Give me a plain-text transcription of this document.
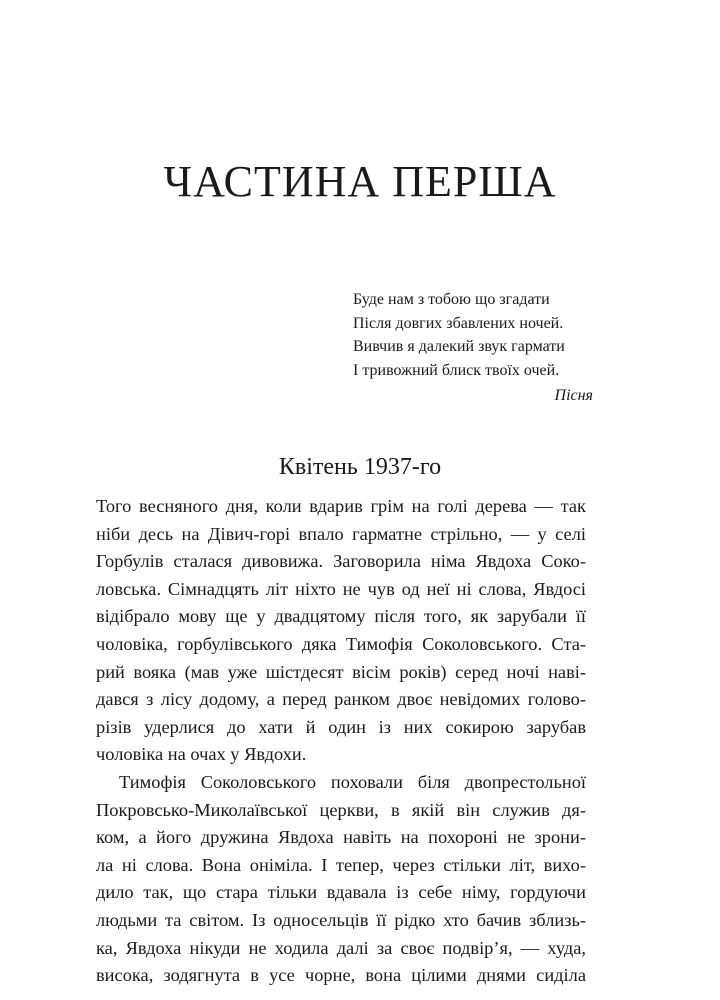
ЧАСТИНА ПЕРША
Буде нам з тобою що згадати
Після довгих збавлених ночей.
Вивчив я далекий звук гармати
І тривожний блиск твоїх очей.
Пісня
Квітень 1937-го
Того весняного дня, коли вдарив грім на голі дерева — так
ніби десь на Дівич-горі впало гарматне стрільно, — у селі
Горбулів сталася дивовижа. Заговорила німа Явдоха Соко-
ловська. Сімнадцять літ ніхто не чув од неї ні слова, Явдосі
відібрало мову ще у двадцятому після того, як зарубали її
чоловіка, горбулівського дяка Тимофія Соколовського. Ста-
рий вояка (мав уже шістдесят вісім років) серед ночі наві-
дався з лісу додому, а перед ранком двоє невідомих голово-
різів удерлися до хати й один із них сокирою зарубав
чоловіка на очах у Явдохи.
Тимофія Соколовського поховали біля двопрестольної
Покровсько-Миколаївської церкви, в якій він служив дя-
ком, а його дружина Явдоха навіть на похороні не зрони-
ла ні слова. Вона оніміла. І тепер, через стільки літ, вихо-
дило так, що стара тільки вдавала із себе німу, гордуючи
людьми та світом. Із односельців її рідко хто бачив зблизь-
ка, Явдоха нікуди не ходила далі за своє подвір’я, — худа,
висока, зодягнута в усе чорне, вона цілими днями сиділа
